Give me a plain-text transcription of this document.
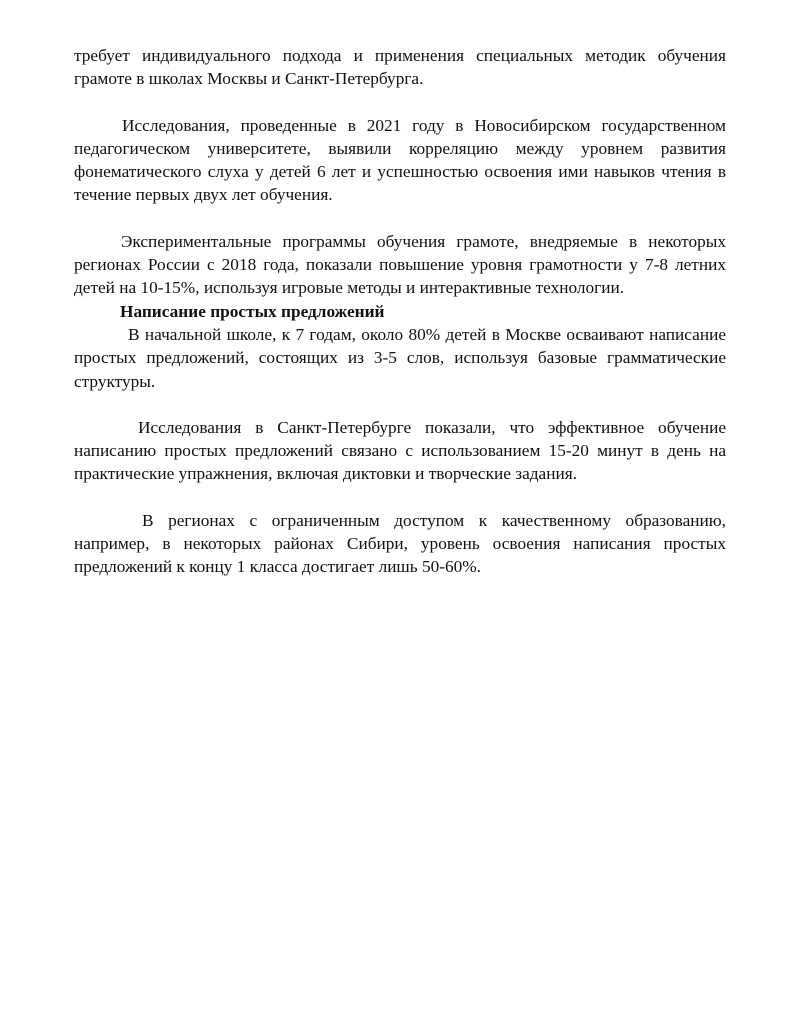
требует индивидуального подхода и применения специальных методик обучения грамоте в школах Москвы и Санкт-Петербурга.

Исследования, проведенные в 2021 году в Новосибирском государственном педагогическом университете, выявили корреляцию между уровнем развития фонематического слуха у детей 6 лет и успешностью освоения ими навыков чтения в течение первых двух лет обучения.

Экспериментальные программы обучения грамоте, внедряемые в некоторых регионах России с 2018 года, показали повышение уровня грамотности у 7-8 летних детей на 10-15%, используя игровые методы и интерактивные технологии.

Написание простых предложений

В начальной школе, к 7 годам, около 80% детей в Москве осваивают написание простых предложений, состоящих из 3-5 слов, используя базовые грамматические структуры.

Исследования в Санкт-Петербурге показали, что эффективное обучение написанию простых предложений связано с использованием 15-20 минут в день на практические упражнения, включая диктовки и творческие задания.

В регионах с ограниченным доступом к качественному образованию, например, в некоторых районах Сибири, уровень освоения написания простых предложений к концу 1 класса достигает лишь 50-60%.
